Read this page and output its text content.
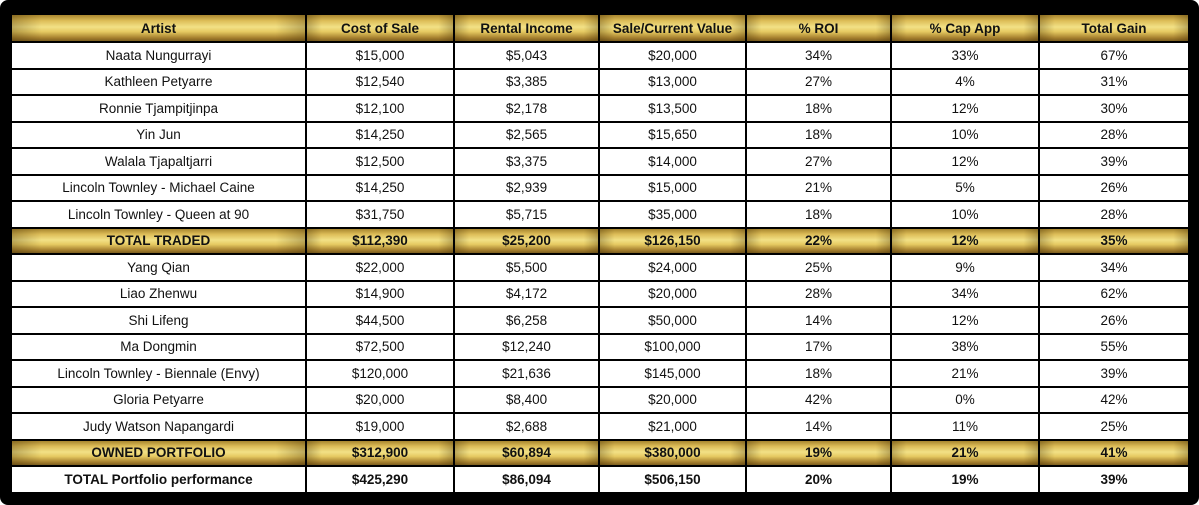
Artist	Cost of Sale	Rental Income	Sale/Current Value	% ROI	% Cap App	Total Gain
Naata Nungurrayi	$15,000	$5,043	$20,000	34%	33%	67%
Kathleen Petyarre	$12,540	$3,385	$13,000	27%	4%	31%
Ronnie Tjampitjinpa	$12,100	$2,178	$13,500	18%	12%	30%
Yin Jun	$14,250	$2,565	$15,650	18%	10%	28%
Walala Tjapaltjarri	$12,500	$3,375	$14,000	27%	12%	39%
Lincoln Townley - Michael Caine	$14,250	$2,939	$15,000	21%	5%	26%
Lincoln Townley - Queen at 90	$31,750	$5,715	$35,000	18%	10%	28%
TOTAL TRADED	$112,390	$25,200	$126,150	22%	12%	35%
Yang Qian	$22,000	$5,500	$24,000	25%	9%	34%
Liao Zhenwu	$14,900	$4,172	$20,000	28%	34%	62%
Shi Lifeng	$44,500	$6,258	$50,000	14%	12%	26%
Ma Dongmin	$72,500	$12,240	$100,000	17%	38%	55%
Lincoln Townley - Biennale (Envy)	$120,000	$21,636	$145,000	18%	21%	39%
Gloria Petyarre	$20,000	$8,400	$20,000	42%	0%	42%
Judy Watson Napangardi	$19,000	$2,688	$21,000	14%	11%	25%
OWNED PORTFOLIO	$312,900	$60,894	$380,000	19%	21%	41%
TOTAL Portfolio performance	$425,290	$86,094	$506,150	20%	19%	39%
